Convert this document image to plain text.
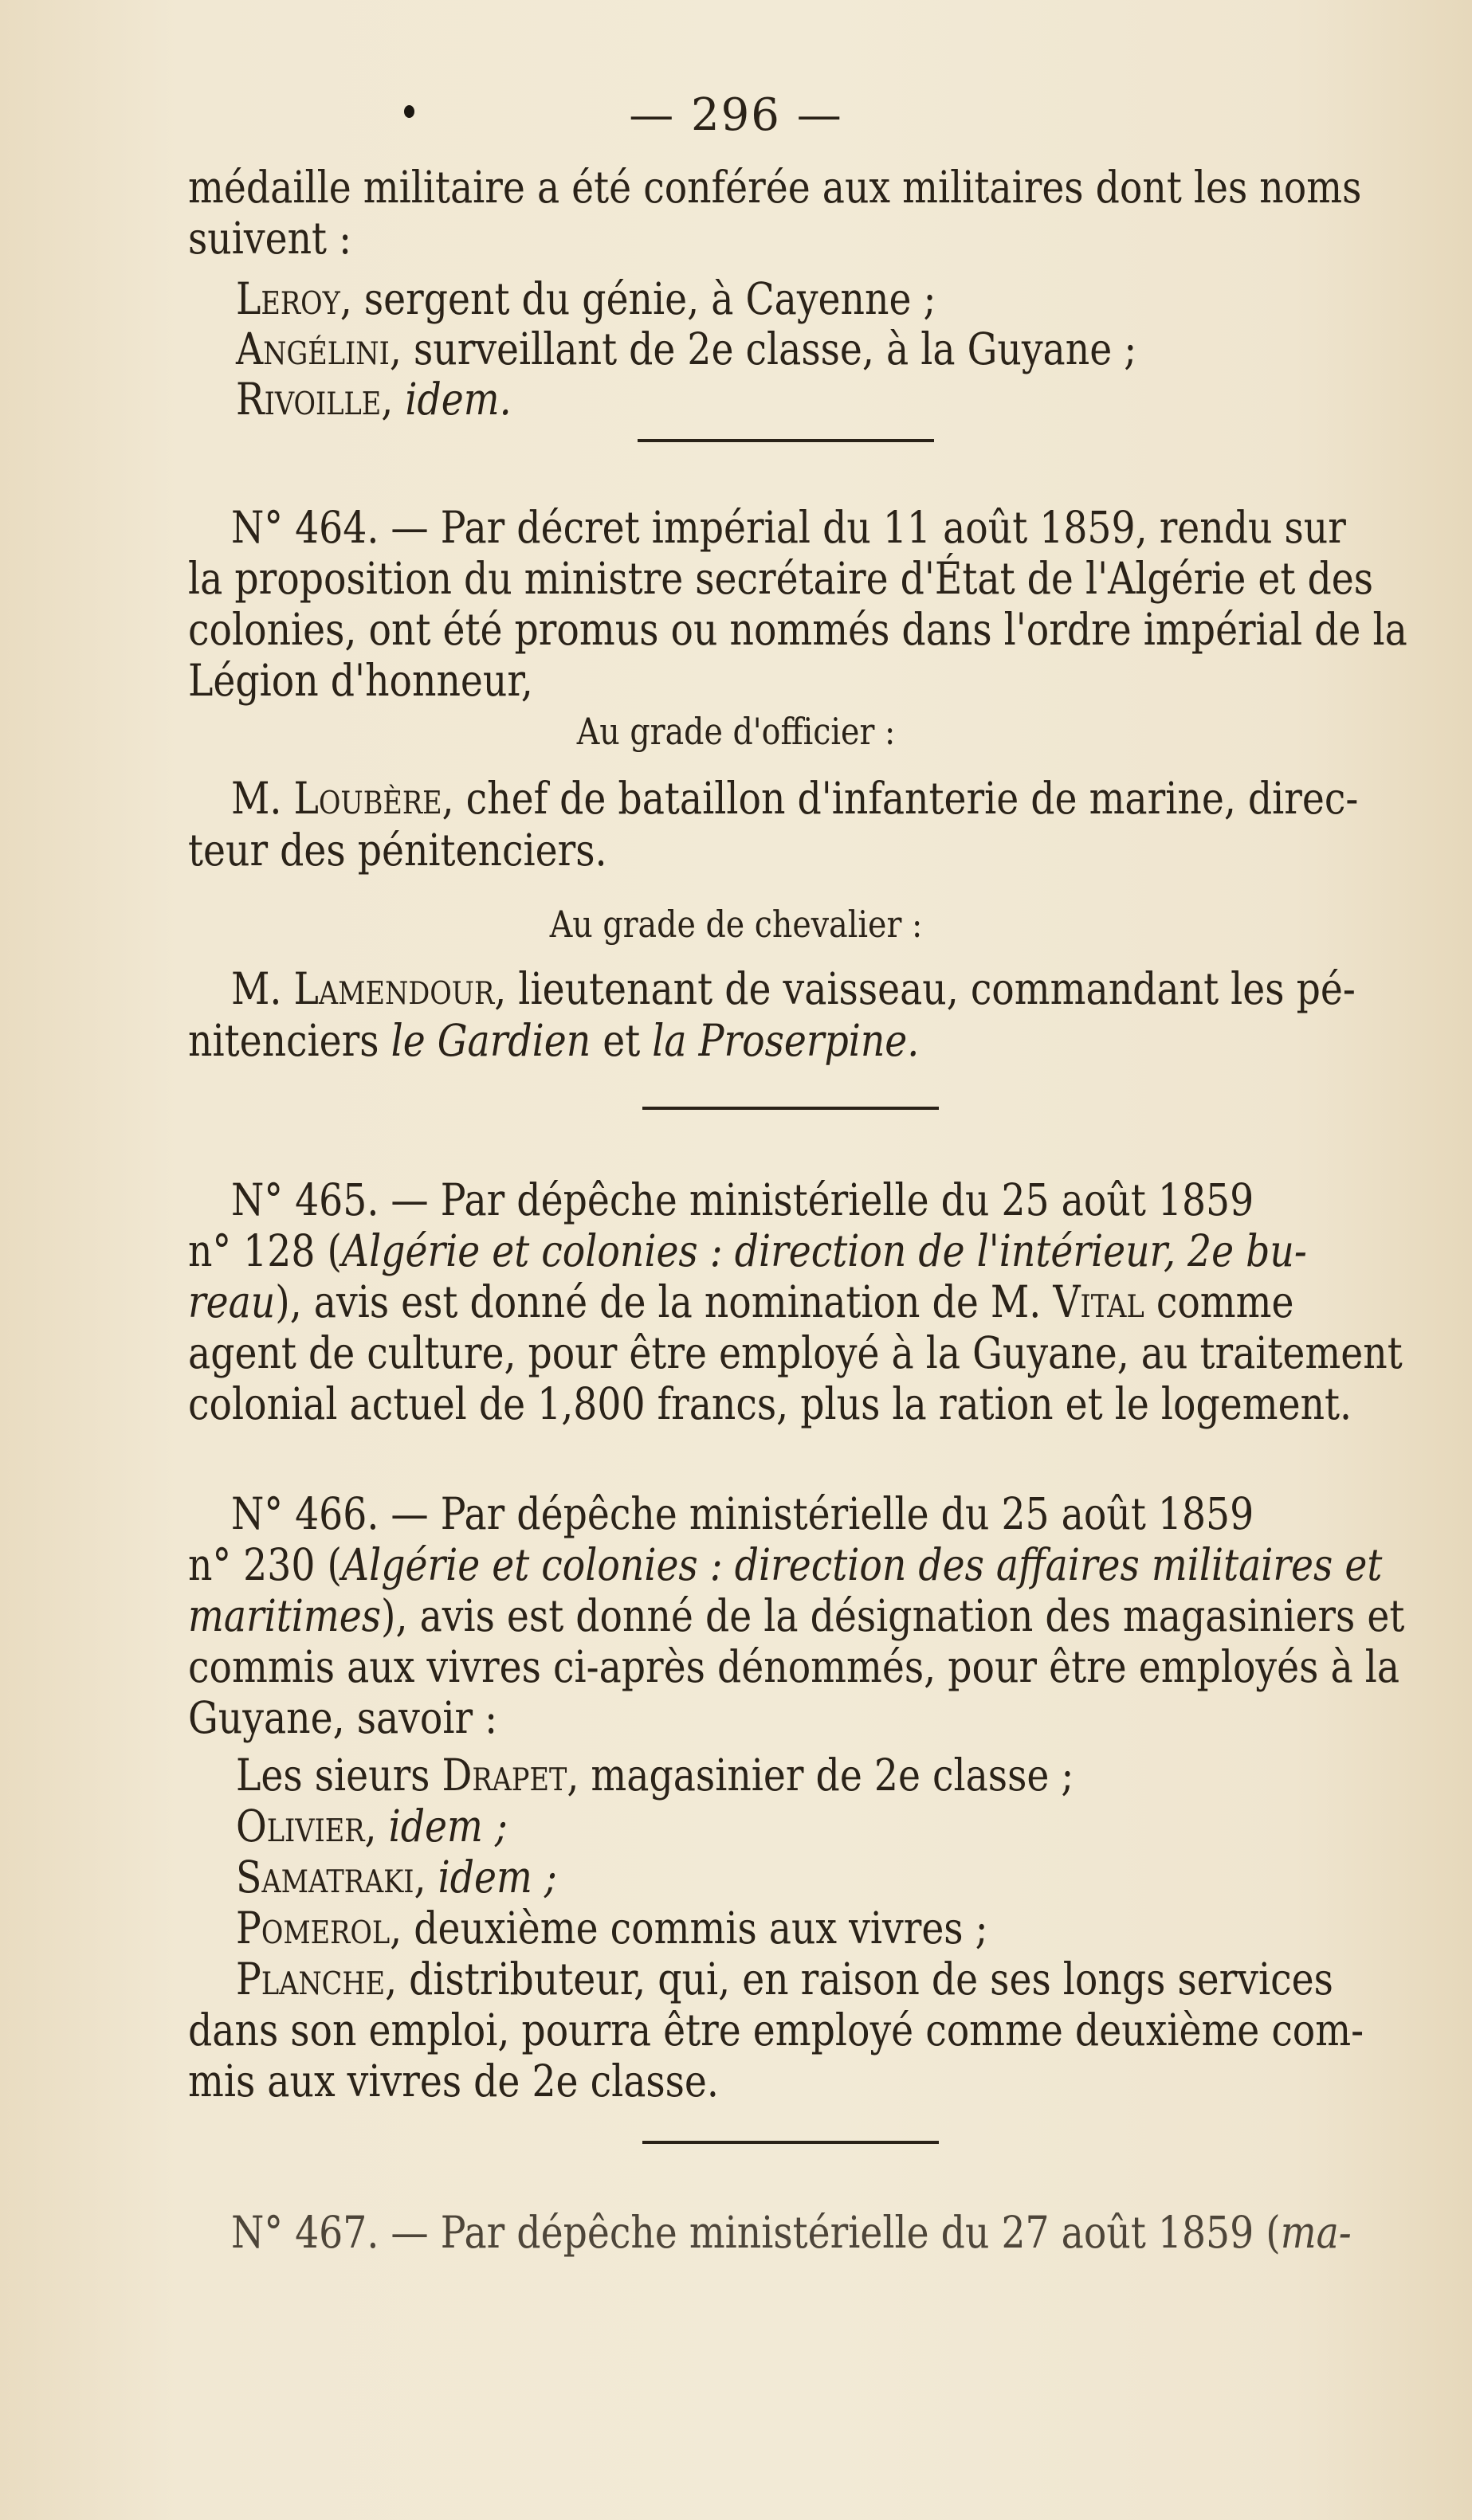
— 296 —
médaille militaire a été conférée aux militaires dont les noms
suivent :
Leroy, sergent du génie, à Cayenne ;
Angélini, surveillant de 2e classe, à la Guyane ;
Rivoille, idem.
N° 464. — Par décret impérial du 11 août 1859, rendu sur
la proposition du ministre secrétaire d'État de l'Algérie et des
colonies, ont été promus ou nommés dans l'ordre impérial de la
Légion d'honneur,
Au grade d'officier :
M. Loubère, chef de bataillon d'infanterie de marine, direc-
teur des pénitenciers.
Au grade de chevalier :
M. Lamendour, lieutenant de vaisseau, commandant les pé-
nitenciers le Gardien et la Proserpine.
N° 465. — Par dépêche ministérielle du 25 août 1859
n° 128 (Algérie et colonies : direction de l'intérieur, 2e bu-
reau), avis est donné de la nomination de M. Vital comme
agent de culture, pour être employé à la Guyane, au traitement
colonial actuel de 1,800 francs, plus la ration et le logement.
N° 466. — Par dépêche ministérielle du 25 août 1859
n° 230 (Algérie et colonies : direction des affaires militaires et
maritimes), avis est donné de la désignation des magasiniers et
commis aux vivres ci-après dénommés, pour être employés à la
Guyane, savoir :
Les sieurs Drapet, magasinier de 2e classe ;
Olivier, idem ;
Samatraki, idem ;
Pomerol, deuxième commis aux vivres ;
Planche, distributeur, qui, en raison de ses longs services
dans son emploi, pourra être employé comme deuxième com-
mis aux vivres de 2e classe.
N° 467. — Par dépêche ministérielle du 27 août 1859 (ma-
